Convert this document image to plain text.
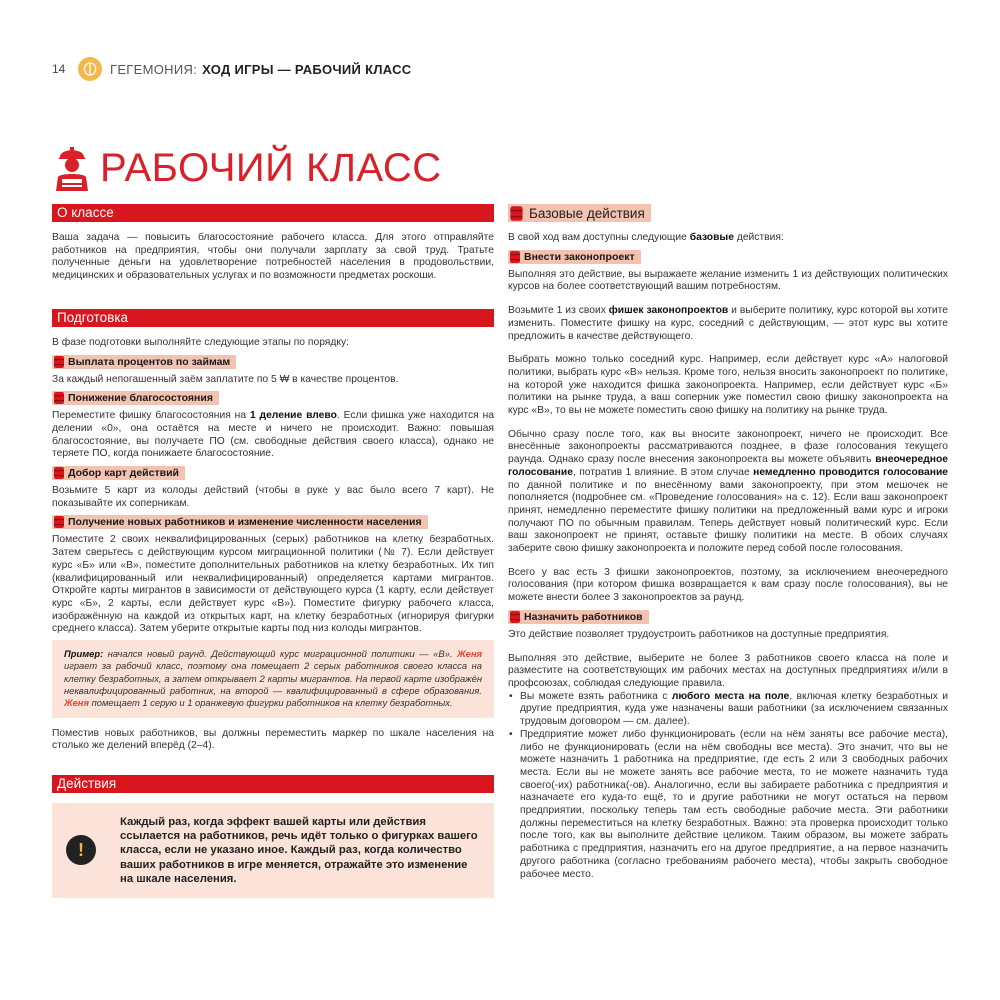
14	ГЕГЕМОНИЯ: ХОД ИГРЫ — РАБОЧИЙ КЛАСС
РАБОЧИЙ КЛАСС
О классе

Ваша задача — повысить благосостояние рабочего класса. Для этого отправляйте работников на предприятия, чтобы они получали зарплату за свой труд. Тратьте полученные деньги на удовлетворение потребностей населения в продовольствии, медицинских и образовательных услугах и по возможности предметах роскоши.

Подготовка

В фазе подготовки выполняйте следующие этапы по порядку:

Выплата процентов по займам

За каждый непогашенный заём заплатите по 5 ₩ в качестве процентов.

Понижение благосостояния

Переместите фишку благосостояния на 1 деление влево. Если фишка уже находится на делении «0», она остаётся на месте и ничего не происходит. Важно: повышая благосостояние, вы получаете ПО (см. свободные действия своего класса), однако не теряете ПО, когда понижаете благосостояние.

Добор карт действий

Возьмите 5 карт из колоды действий (чтобы в руке у вас было всего 7 карт). Не показывайте их соперникам.

Получение новых работников и изменение численности населения

Поместите 2 своих неквалифицированных (серых) работников на клетку безработных. Затем сверьтесь с действующим курсом миграционной политики (№ 7). Если действует курс «Б» или «В», поместите дополнительных работников на клетку безработных. Их тип (квалифицированный или неквалифицированный) определяется картами мигрантов. Откройте карты мигрантов в зависимости от действующего курса (1 карту, если действует курс «Б», 2 карты, если действует курс «В»). Поместите фигурку рабочего класса, изображённую на каждой из открытых карт, на клетку безработных (игнорируя фигурки среднего класса). Затем уберите открытые карты под низ колоды мигрантов.

Пример: начался новый раунд. Действующий курс миграционной политики — «В». Женя играет за рабочий класс, поэтому она помещает 2 серых работников своего класса на клетку безработных, а затем открывает 2 карты мигрантов. На первой карте изображён неквалифицированный работник, на второй — квалифицированный в сфере образования. Женя помещает 1 серую и 1 оранжевую фигурки работников на клетку безработных.

Поместив новых работников, вы должны переместить маркер по шкале населения на столько же делений вперёд (2–4).

Действия
!
Каждый раз, когда эффект вашей карты или действия ссылается на работников, речь идёт только о фигурках вашего класса, если не указано иное. Каждый раз, когда количество ваших работников в игре меняется, отражайте это изменение на шкале населения.
Базовые действия

В свой ход вам доступны следующие базовые действия:

Внести законопроект

Выполняя это действие, вы выражаете желание изменить 1 из действующих политических курсов на более соответствующий вашим потребностям.

Возьмите 1 из своих фишек законопроектов и выберите политику, курс которой вы хотите изменить. Поместите фишку на курс, соседний с действующим, — этот курс вы хотите предложить в качестве действующего.

Выбрать можно только соседний курс. Например, если действует курс «А» налоговой политики, выбрать курс «В» нельзя. Кроме того, нельзя вносить законопроект по политике, на которой уже находится фишка законопроекта. Например, если действует курс «Б» политики на рынке труда, а ваш соперник уже поместил свою фишку законопроекта на курс «В», то вы не можете поместить свою фишку на политику на рынке труда.

Обычно сразу после того, как вы вносите законопроект, ничего не происходит. Все внесённые законопроекты рассматриваются позднее, в фазе голосования текущего раунда. Однако сразу после внесения законопроекта вы можете объявить внеочередное голосование, потратив 1 влияние. В этом случае немедленно проводится голосование по данной политике и по внесённому вами законопроекту, при этом мешочек не пополняется (подробнее см. «Проведение голосования» на с. 12). Если ваш законопроект принят, немедленно переместите фишку политики на предложенный вами курс и игроки получают ПО по обычным правилам. Теперь действует новый политический курс. Если ваш законопроект не принят, оставьте фишку политики на месте. В обоих случаях заберите свою фишку законопроекта и положите перед собой после голосования.

Всего у вас есть 3 фишки законопроектов, поэтому, за исключением внеочередного голосования (при котором фишка возвращается к вам сразу после голосования), вы не можете внести более 3 законопроектов за раунд.

Назначить работников

Это действие позволяет трудоустроить работников на доступные предприятия.

Выполняя это действие, выберите не более 3 работников своего класса на поле и разместите на соответствующих им рабочих местах на доступных предприятиях и/или в профсоюзах, соблюдая следующие правила.

• Вы можете взять работника с любого места на поле, включая клетку безработных и другие предприятия, куда уже назначены ваши работники (за исключением связанных трудовым договором — см. далее).
• Предприятие может либо функционировать (если на нём заняты все рабочие места), либо не функционировать (если на нём свободны все места). Это значит, что вы не можете назначить 1 работника на предприятие, где есть 2 или 3 свободных рабочих места. Если вы не можете занять все рабочие места, то не можете назначить туда своего(-их) работника(-ов). Аналогично, если вы забираете работника с предприятия и назначаете его куда-то ещё, то и другие работники не могут остаться на первом предприятии, поскольку теперь там есть свободные рабочие места. Эти работники должны переместиться на клетку безработных. Важно: эта проверка происходит только после того, как вы выполните действие целиком. Таким образом, вы можете забрать работника с предприятия, назначить его на другое предприятие, а на первое назначить другого работника (согласно требованиям рабочего места), чтобы закрыть свободное рабочее место.
